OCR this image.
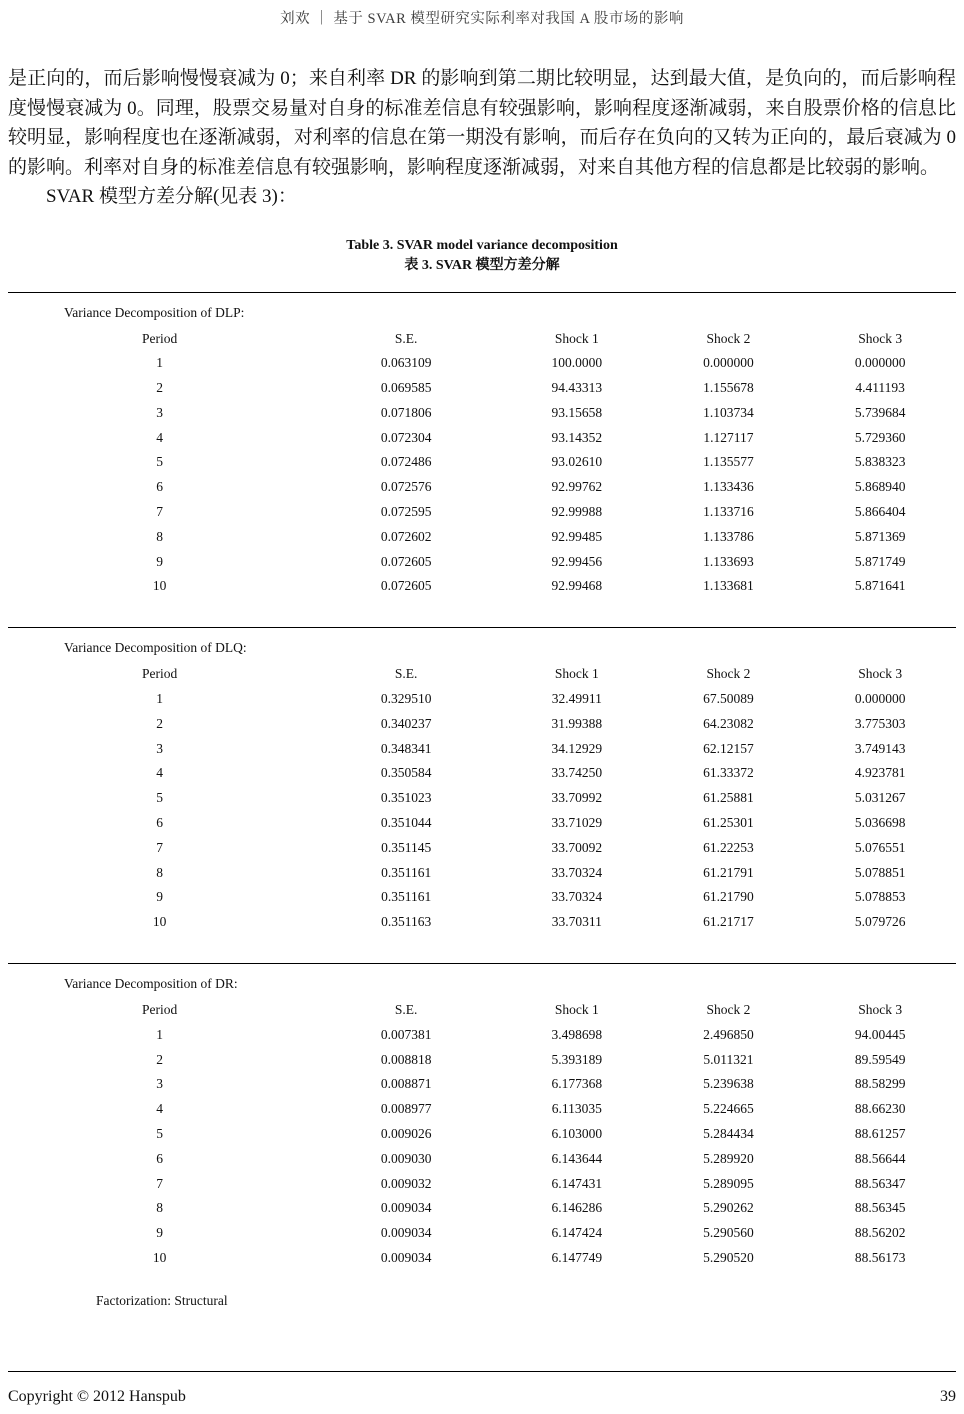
刘欢 ｜ 基于 SVAR 模型研究实际利率对我国 A 股市场的影响
是正向的，而后影响慢慢衰减为 0；来自利率 DR 的影响到第二期比较明显，达到最大值，是负向的，而后影响程度慢慢衰减为 0。同理，股票交易量对自身的标准差信息有较强影响，影响程度逐渐减弱，来自股票价格的信息比较明显，影响程度也在逐渐减弱，对利率的信息在第一期没有影响，而后存在负向的又转为正向的，最后衰减为 0 的影响。利率对自身的标准差信息有较强影响，影响程度逐渐减弱，对来自其他方程的信息都是比较弱的影响。
SVAR 模型方差分解(见表 3)：
Table 3. SVAR model variance decomposition
表 3. SVAR 模型方差分解
Variance Decomposition of DLP:
Period	S.E.	Shock 1	Shock 2	Shock 3
1	0.063109	100.0000	0.000000	0.000000
2	0.069585	94.43313	1.155678	4.411193
3	0.071806	93.15658	1.103734	5.739684
4	0.072304	93.14352	1.127117	5.729360
5	0.072486	93.02610	1.135577	5.838323
6	0.072576	92.99762	1.133436	5.868940
7	0.072595	92.99988	1.133716	5.866404
8	0.072602	92.99485	1.133786	5.871369
9	0.072605	92.99456	1.133693	5.871749
10	0.072605	92.99468	1.133681	5.871641
Variance Decomposition of DLQ:
Period	S.E.	Shock 1	Shock 2	Shock 3
1	0.329510	32.49911	67.50089	0.000000
2	0.340237	31.99388	64.23082	3.775303
3	0.348341	34.12929	62.12157	3.749143
4	0.350584	33.74250	61.33372	4.923781
5	0.351023	33.70992	61.25881	5.031267
6	0.351044	33.71029	61.25301	5.036698
7	0.351145	33.70092	61.22253	5.076551
8	0.351161	33.70324	61.21791	5.078851
9	0.351161	33.70324	61.21790	5.078853
10	0.351163	33.70311	61.21717	5.079726
Variance Decomposition of DR:
Period	S.E.	Shock 1	Shock 2	Shock 3
1	0.007381	3.498698	2.496850	94.00445
2	0.008818	5.393189	5.011321	89.59549
3	0.008871	6.177368	5.239638	88.58299
4	0.008977	6.113035	5.224665	88.66230
5	0.009026	6.103000	5.284434	88.61257
6	0.009030	6.143644	5.289920	88.56644
7	0.009032	6.147431	5.289095	88.56347
8	0.009034	6.146286	5.290262	88.56345
9	0.009034	6.147424	5.290560	88.56202
10	0.009034	6.147749	5.290520	88.56173
Factorization: Structural
Copyright © 2012 Hanspub	39
